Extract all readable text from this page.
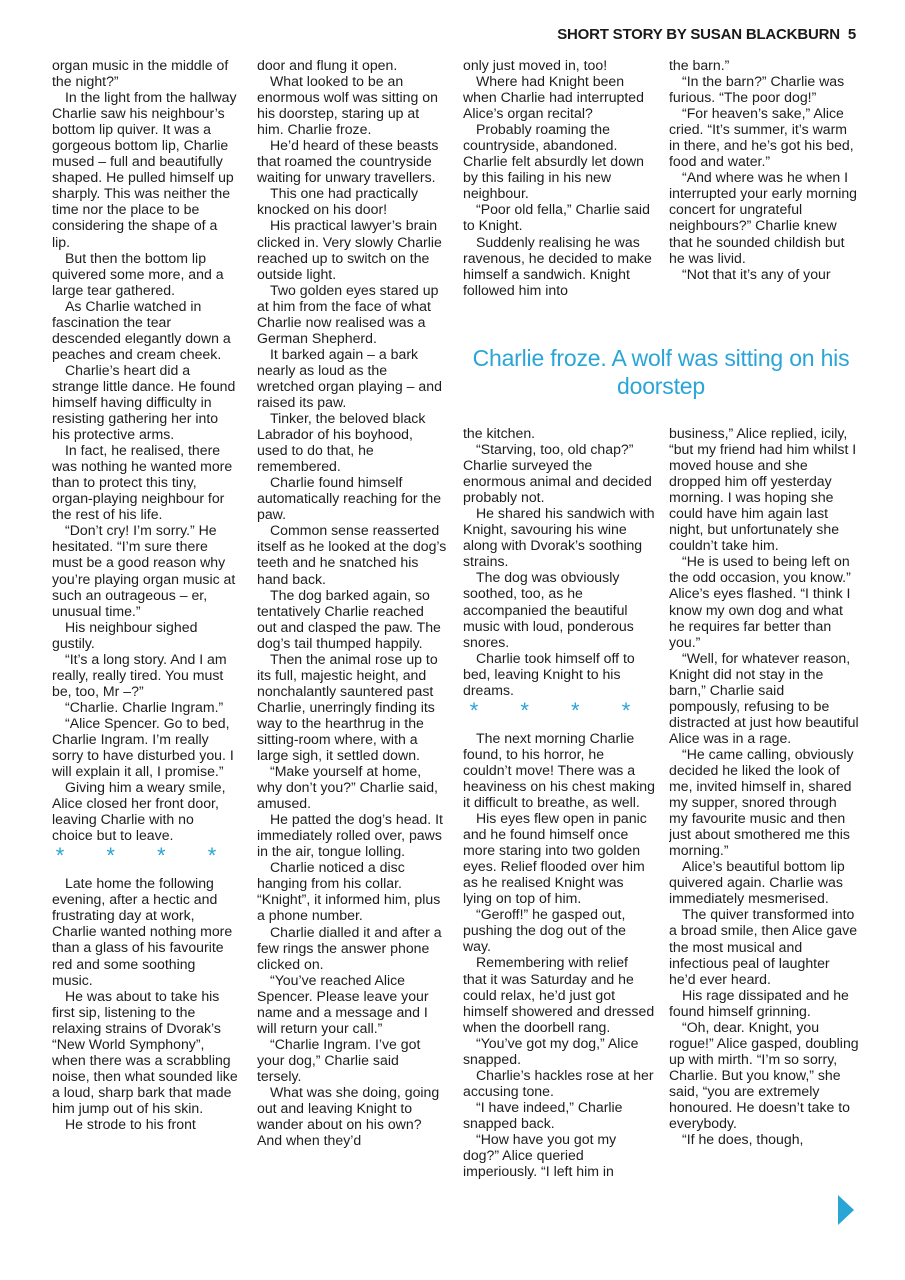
SHORT STORY BY SUSAN BLACKBURN 5

organ music in the middle of the night?”

In the light from the hallway Charlie saw his neighbour’s bottom lip quiver. It was a gorgeous bottom lip, Charlie mused – full and beautifully shaped. He pulled himself up sharply. This was neither the time nor the place to be considering the shape of a lip.

But then the bottom lip quivered some more, and a large tear gathered.

As Charlie watched in fascination the tear descended elegantly down a peaches and cream cheek.

Charlie’s heart did a strange little dance. He found himself having difficulty in resisting gathering her into his protective arms.

In fact, he realised, there was nothing he wanted more than to protect this tiny, organ-playing neighbour for the rest of his life.

“Don’t cry! I’m sorry.” He hesitated. “I’m sure there must be a good reason why you’re playing organ music at such an outrageous – er, unusual time.”

His neighbour sighed gustily.

“It’s a long story. And I am really, really tired. You must be, too, Mr –?”

“Charlie. Charlie Ingram.”

“Alice Spencer. Go to bed, Charlie Ingram. I’m really sorry to have disturbed you. I will explain it all, I promise.”

Giving him a weary smile, Alice closed her front door, leaving Charlie with no choice but to leave.

* * * *

Late home the following evening, after a hectic and frustrating day at work, Charlie wanted nothing more than a glass of his favourite red and some soothing music.

He was about to take his first sip, listening to the relaxing strains of Dvorak’s “New World Symphony”, when there was a scrabbling noise, then what sounded like a loud, sharp bark that made him jump out of his skin.

He strode to his front

door and flung it open.

What looked to be an enormous wolf was sitting on his doorstep, staring up at him. Charlie froze.

He’d heard of these beasts that roamed the countryside waiting for unwary travellers.

This one had practically knocked on his door!

His practical lawyer’s brain clicked in. Very slowly Charlie reached up to switch on the outside light.

Two golden eyes stared up at him from the face of what Charlie now realised was a German Shepherd.

It barked again – a bark nearly as loud as the wretched organ playing – and raised its paw.

Tinker, the beloved black Labrador of his boyhood, used to do that, he remembered.

Charlie found himself automatically reaching for the paw.

Common sense reasserted itself as he looked at the dog’s teeth and he snatched his hand back.

The dog barked again, so tentatively Charlie reached out and clasped the paw. The dog’s tail thumped happily.

Then the animal rose up to its full, majestic height, and nonchalantly sauntered past Charlie, unerringly finding its way to the hearthrug in the sitting-room where, with a large sigh, it settled down.

“Make yourself at home, why don’t you?” Charlie said, amused.

He patted the dog’s head. It immediately rolled over, paws in the air, tongue lolling.

Charlie noticed a disc hanging from his collar. “Knight”, it informed him, plus a phone number.

Charlie dialled it and after a few rings the answer phone clicked on.

“You’ve reached Alice Spencer. Please leave your name and a message and I will return your call.”

“Charlie Ingram. I’ve got your dog,” Charlie said tersely.

What was she doing, going out and leaving Knight to wander about on his own? And when they’d

only just moved in, too!

Where had Knight been when Charlie had interrupted Alice’s organ recital?

Probably roaming the countryside, abandoned. Charlie felt absurdly let down by this failing in his new neighbour.

“Poor old fella,” Charlie said to Knight.

Suddenly realising he was ravenous, he decided to make himself a sandwich. Knight followed him into

the barn.”

“In the barn?” Charlie was furious. “The poor dog!”

“For heaven’s sake,” Alice cried. “It’s summer, it’s warm in there, and he’s got his bed, food and water.”

“And where was he when I interrupted your early morning concert for ungrateful neighbours?” Charlie knew that he sounded childish but he was livid.

“Not that it’s any of your

Charlie froze. A wolf was sitting on his doorstep

the kitchen.

“Starving, too, old chap?” Charlie surveyed the enormous animal and decided probably not.

He shared his sandwich with Knight, savouring his wine along with Dvorak’s soothing strains.

The dog was obviously soothed, too, as he accompanied the beautiful music with loud, ponderous snores.

Charlie took himself off to bed, leaving Knight to his dreams.

* * * *

The next morning Charlie found, to his horror, he couldn’t move! There was a heaviness on his chest making it difficult to breathe, as well.

His eyes flew open in panic and he found himself once more staring into two golden eyes. Relief flooded over him as he realised Knight was lying on top of him.

“Geroff!” he gasped out, pushing the dog out of the way.

Remembering with relief that it was Saturday and he could relax, he’d just got himself showered and dressed when the doorbell rang.

“You’ve got my dog,” Alice snapped.

Charlie’s hackles rose at her accusing tone.

“I have indeed,” Charlie snapped back.

“How have you got my dog?” Alice queried imperiously. “I left him in

business,” Alice replied, icily, “but my friend had him whilst I moved house and she dropped him off yesterday morning. I was hoping she could have him again last night, but unfortunately she couldn’t take him.

“He is used to being left on the odd occasion, you know.” Alice’s eyes flashed. “I think I know my own dog and what he requires far better than you.”

“Well, for whatever reason, Knight did not stay in the barn,” Charlie said pompously, refusing to be distracted at just how beautiful Alice was in a rage.

“He came calling, obviously decided he liked the look of me, invited himself in, shared my supper, snored through my favourite music and then just about smothered me this morning.”

Alice’s beautiful bottom lip quivered again. Charlie was immediately mesmerised.

The quiver transformed into a broad smile, then Alice gave the most musical and infectious peal of laughter he’d ever heard.

His rage dissipated and he found himself grinning.

“Oh, dear. Knight, you rogue!” Alice gasped, doubling up with mirth. “I’m so sorry, Charlie. But you know,” she said, “you are extremely honoured. He doesn’t take to everybody.

“If he does, though,
